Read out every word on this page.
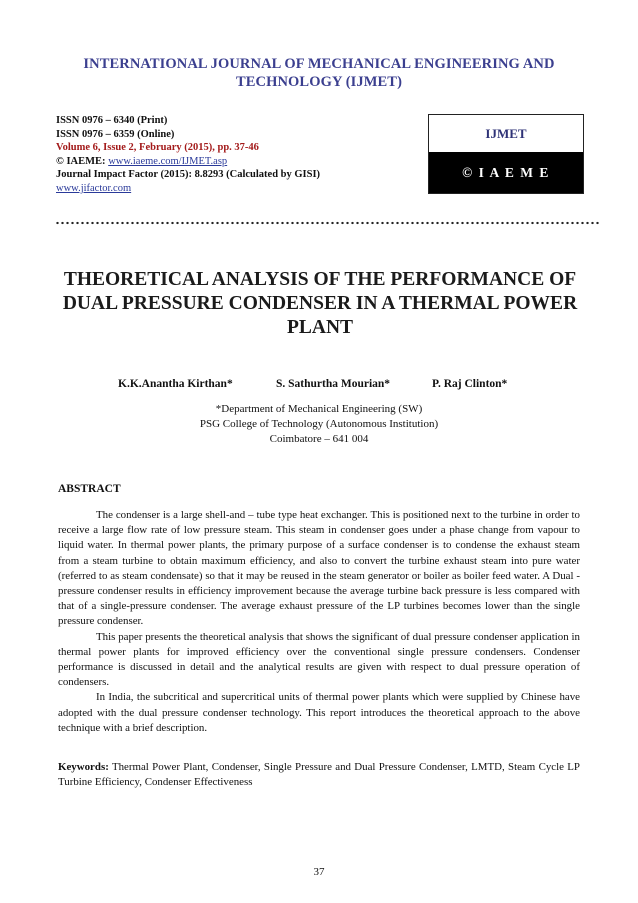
INTERNATIONAL JOURNAL OF MECHANICAL ENGINEERING AND
TECHNOLOGY (IJMET)
ISSN 0976 – 6340 (Print)
ISSN 0976 – 6359 (Online)
Volume 6, Issue 2, February (2015), pp. 37-46
© IAEME: www.iaeme.com/IJMET.asp
Journal Impact Factor (2015): 8.8293 (Calculated by GISI)
www.jifactor.com
IJMET
© I A E M E
THEORETICAL ANALYSIS OF THE PERFORMANCE OF
DUAL PRESSURE CONDENSER IN A THERMAL POWER
PLANT
K.K.Anantha Kirthan*	S. Sathurtha Mourian*	P. Raj Clinton*
*Department of Mechanical Engineering (SW)
PSG College of Technology (Autonomous Institution)
Coimbatore – 641 004
ABSTRACT

The condenser is a large shell-and – tube type heat exchanger. This is positioned next to the turbine in order to receive a large flow rate of low pressure steam. This steam in condenser goes under a phase change from vapour to liquid water. In thermal power plants, the primary purpose of a surface condenser is to condense the exhaust steam from a steam turbine to obtain maximum efficiency, and also to convert the turbine exhaust steam into pure water (referred to as steam condensate) so that it may be reused in the steam generator or boiler as boiler feed water. A Dual -pressure condenser results in efficiency improvement because the average turbine back pressure is less compared with that of a single-pressure condenser. The average exhaust pressure of the LP turbines becomes lower than the single pressure condenser.

This paper presents the theoretical analysis that shows the significant of dual pressure condenser application in thermal power plants for improved efficiency over the conventional single pressure condensers. Condenser performance is discussed in detail and the analytical results are given with respect to dual pressure operation of condensers.

In India, the subcritical and supercritical units of thermal power plants which were supplied by Chinese have adopted with the dual pressure condenser technology. This report introduces the theoretical approach to the above technique with a brief description.

Keywords: Thermal Power Plant, Condenser, Single Pressure and Dual Pressure Condenser, LMTD, Steam Cycle LP Turbine Efficiency, Condenser Effectiveness
37
